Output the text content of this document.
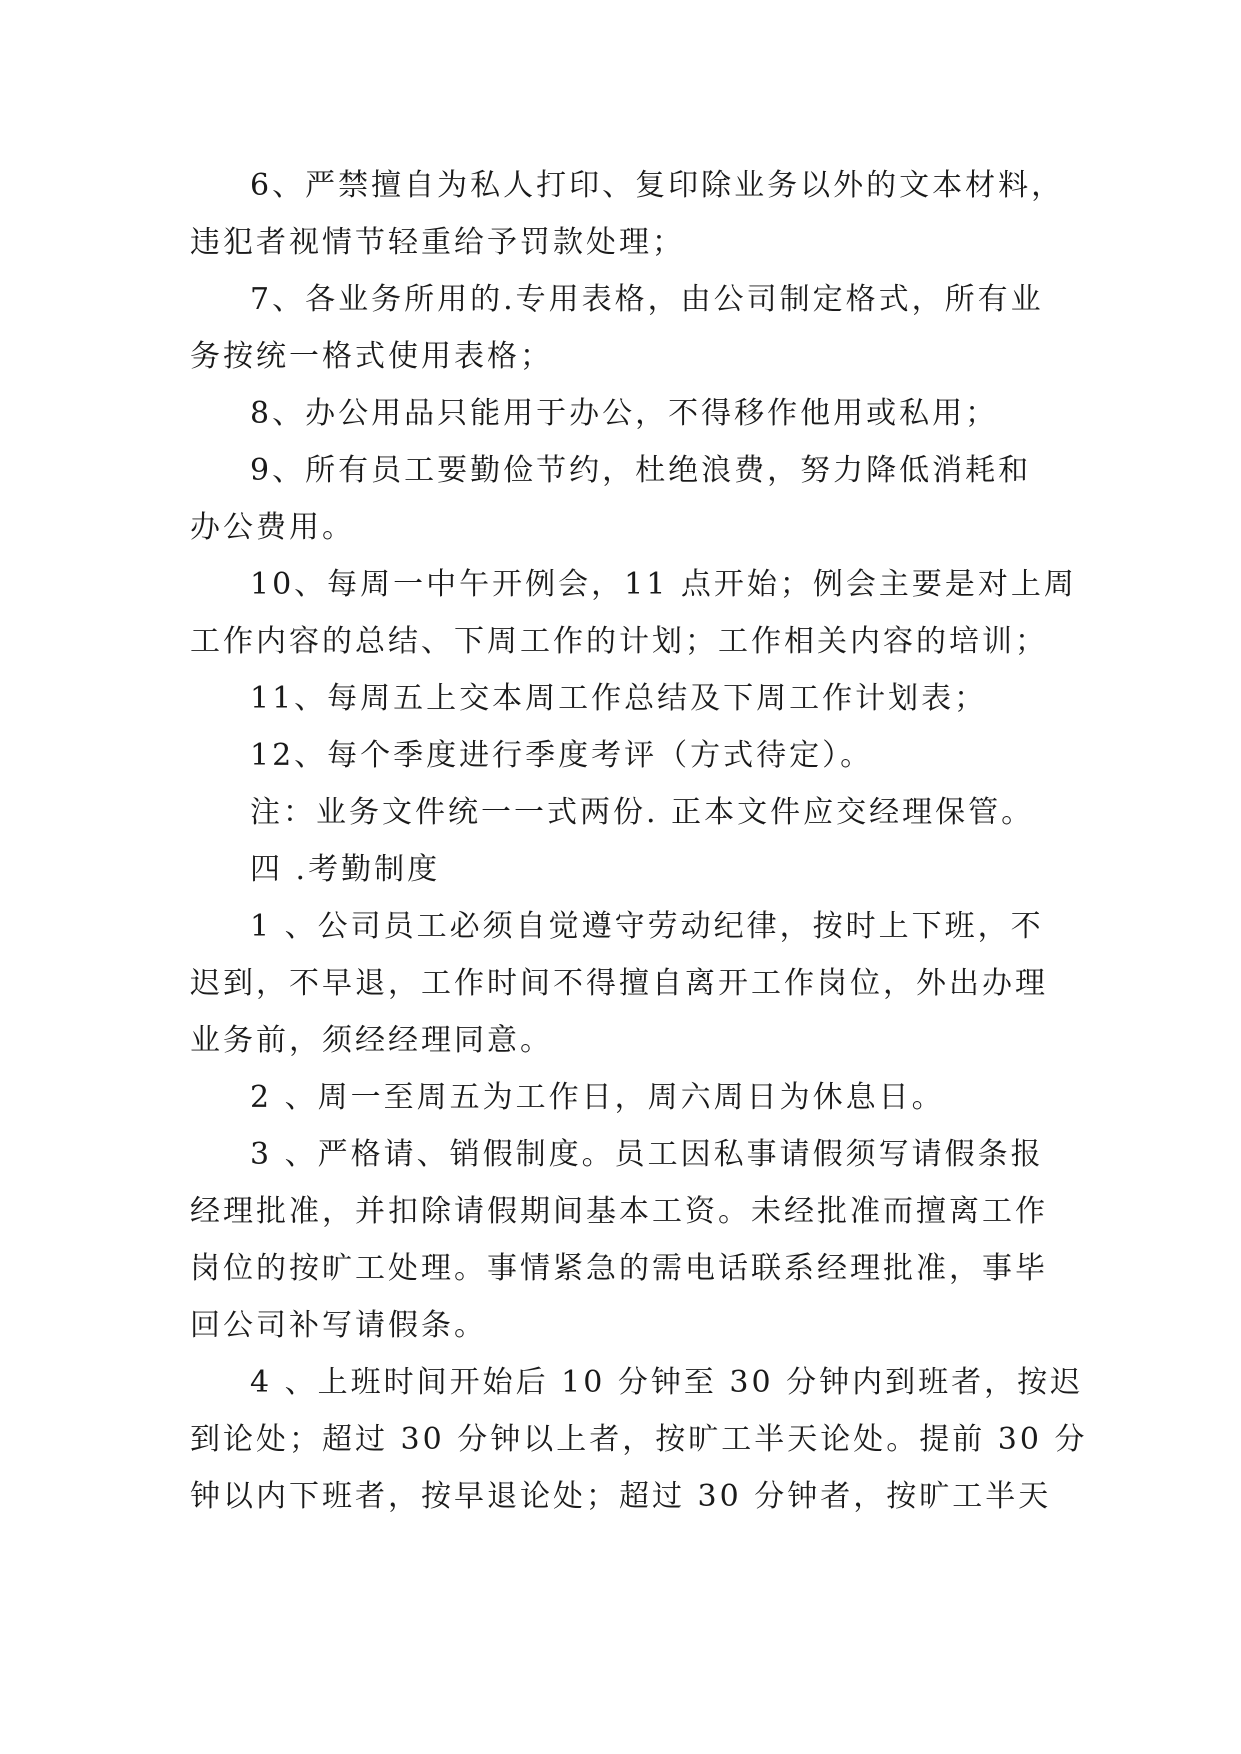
6、严禁擅自为私人打印、复印除业务以外的文本材料，
违犯者视情节轻重给予罚款处理；
7、各业务所用的.专用表格，由公司制定格式，所有业
务按统一格式使用表格；
8、办公用品只能用于办公，不得移作他用或私用；
9、所有员工要勤俭节约，杜绝浪费，努力降低消耗和
办公费用。
10、每周一中午开例会，11 点开始；例会主要是对上周
工作内容的总结、下周工作的计划；工作相关内容的培训；
11、每周五上交本周工作总结及下周工作计划表；
12、每个季度进行季度考评（方式待定）。
注：业务文件统一一式两份. 正本文件应交经理保管。
四 .考勤制度
1 、公司员工必须自觉遵守劳动纪律，按时上下班，不
迟到，不早退，工作时间不得擅自离开工作岗位，外出办理
业务前，须经经理同意。
2 、周一至周五为工作日，周六周日为休息日。
3 、严格请、销假制度。员工因私事请假须写请假条报
经理批准，并扣除请假期间基本工资。未经批准而擅离工作
岗位的按旷工处理。事情紧急的需电话联系经理批准，事毕
回公司补写请假条。
4 、上班时间开始后 10 分钟至 30 分钟内到班者，按迟
到论处；超过 30 分钟以上者，按旷工半天论处。提前 30 分
钟以内下班者，按早退论处；超过 30 分钟者，按旷工半天
